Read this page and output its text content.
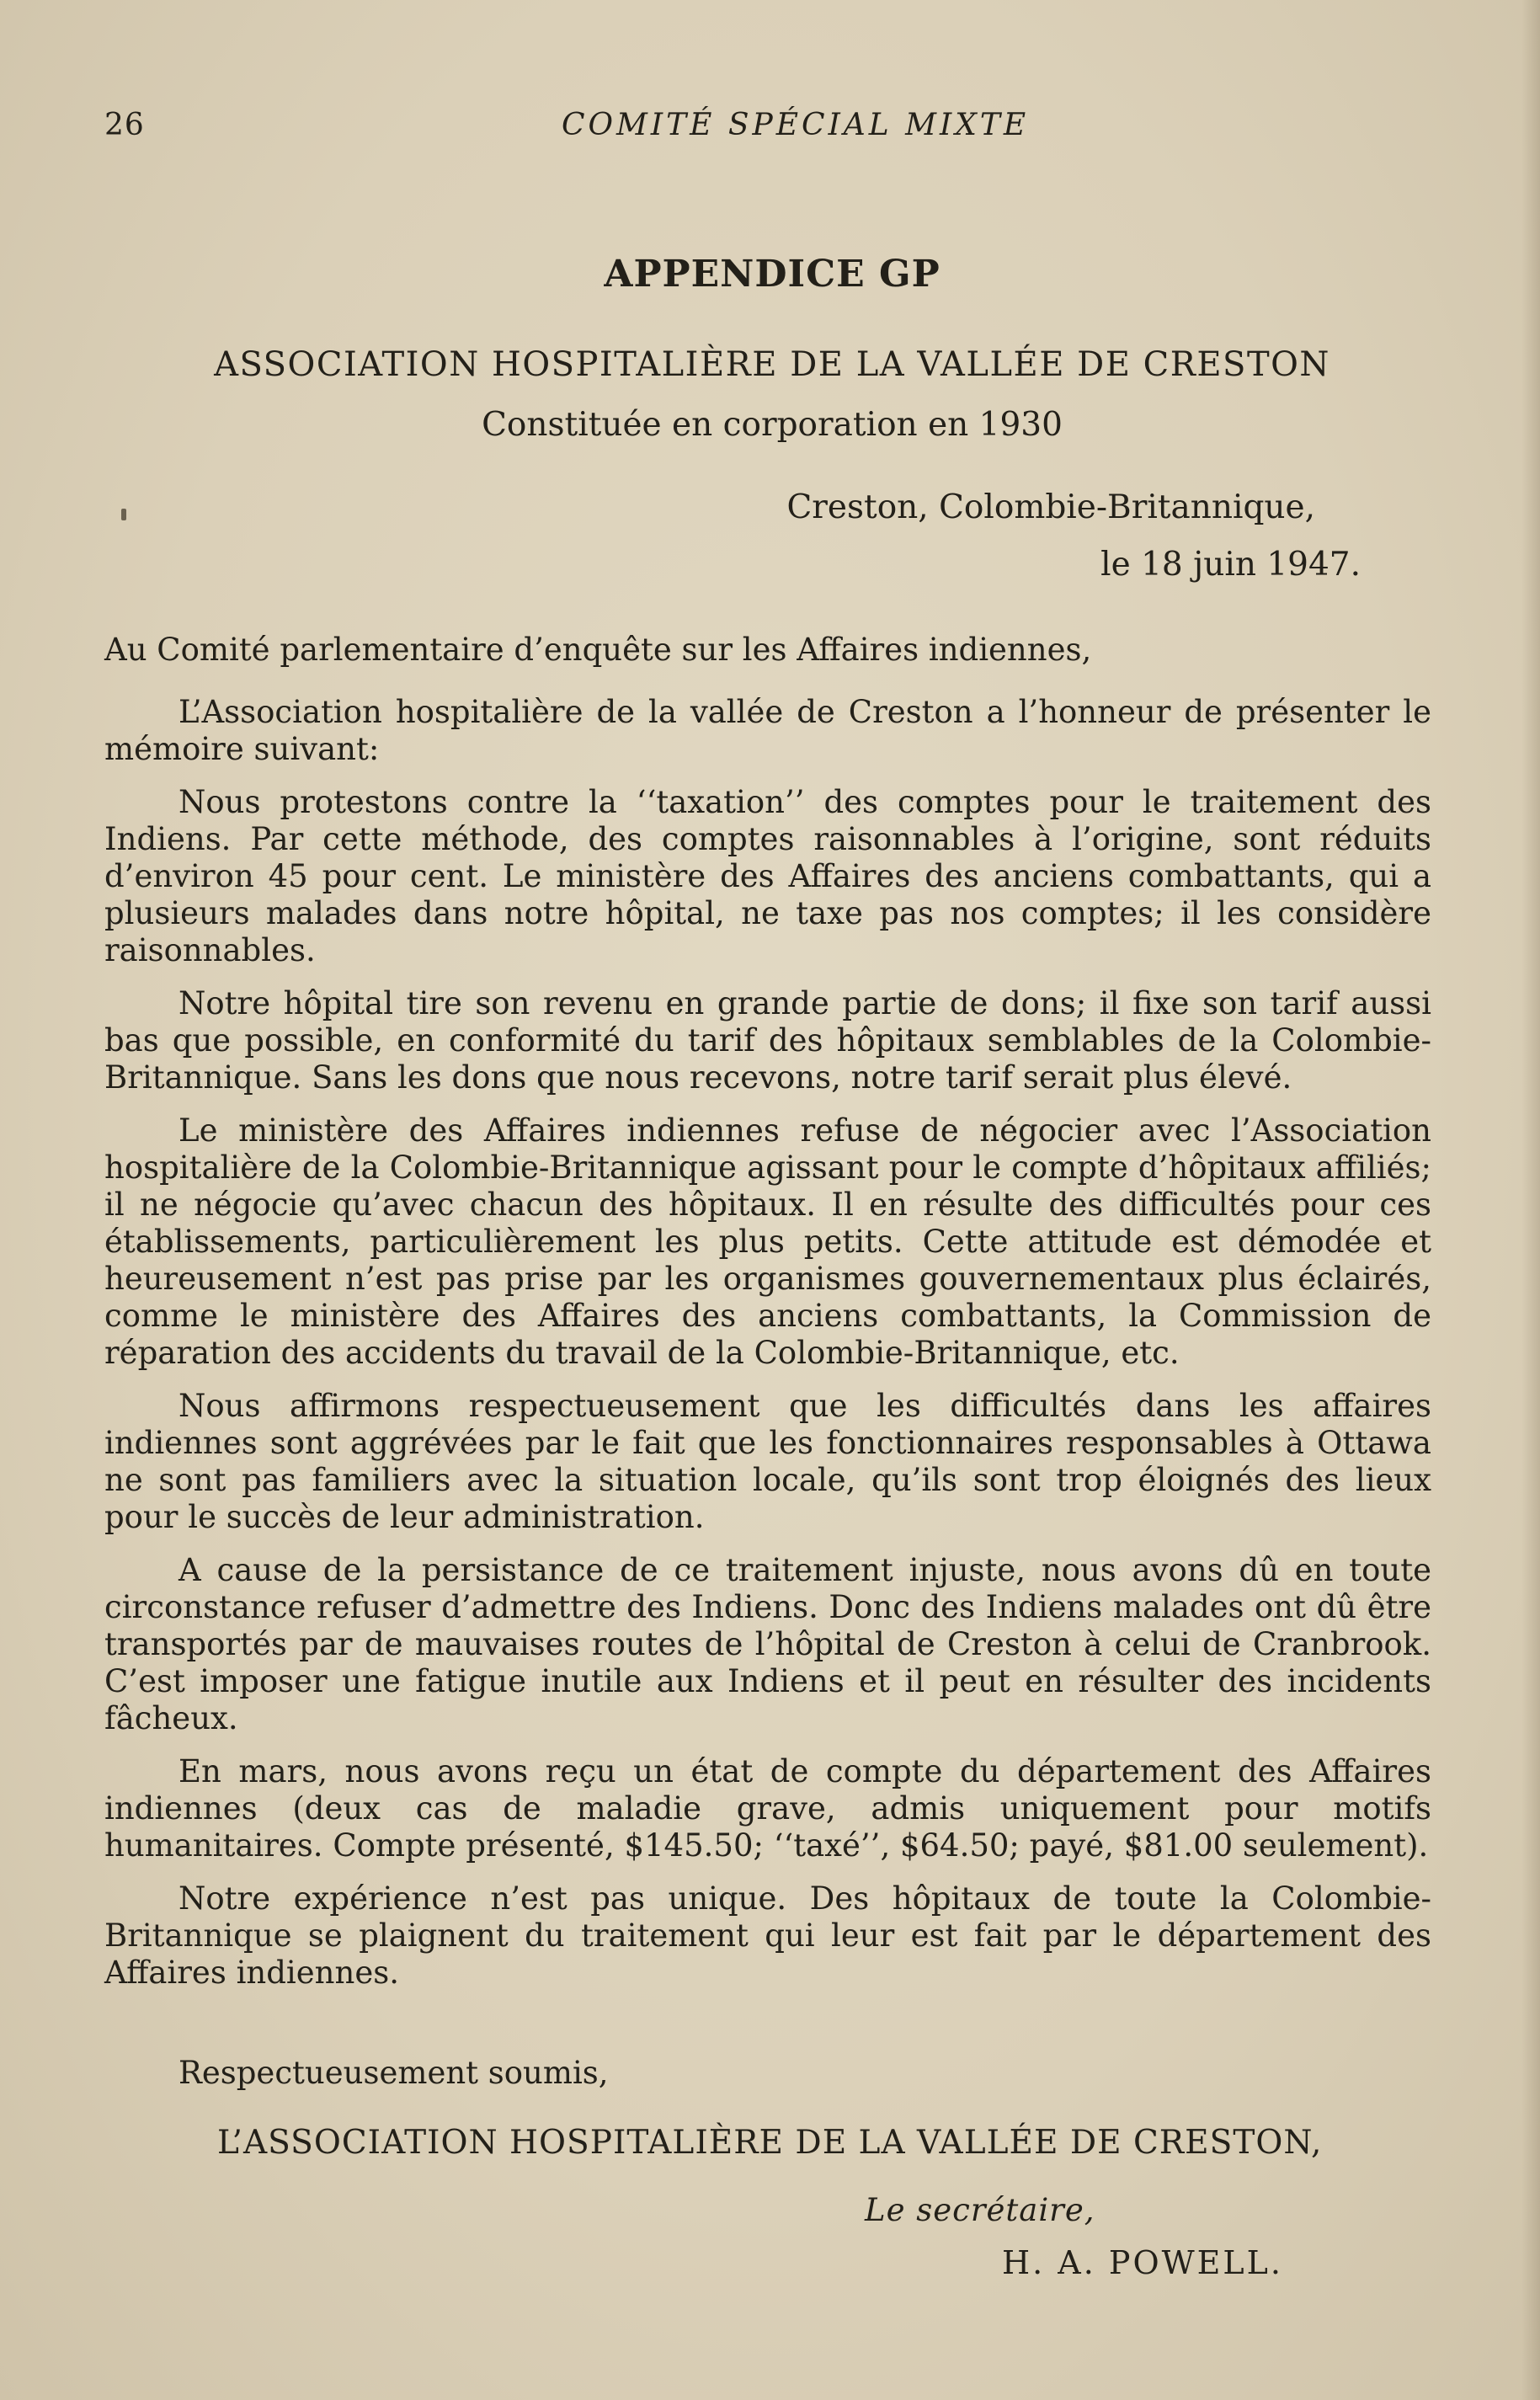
26	COMITÉ SPÉCIAL MIXTE
APPENDICE GP
ASSOCIATION HOSPITALIÈRE DE LA VALLÉE DE CRESTON
Constituée en corporation en 1930
Creston, Colombie-Britannique,
le 18 juin 1947.

Au Comité parlementaire d’enquête sur les Affaires indiennes,

L’Association hospitalière de la vallée de Creston a l’honneur de présenter le mémoire suivant:

Nous protestons contre la ‘‘taxation’’ des comptes pour le traitement des Indiens. Par cette méthode, des comptes raisonnables à l’origine, sont réduits d’environ 45 pour cent. Le ministère des Affaires des anciens combattants, qui a plusieurs malades dans notre hôpital, ne taxe pas nos comptes; il les considère raisonnables.

Notre hôpital tire son revenu en grande partie de dons; il fixe son tarif aussi bas que possible, en conformité du tarif des hôpitaux semblables de la Colombie-Britannique. Sans les dons que nous recevons, notre tarif serait plus élevé.

Le ministère des Affaires indiennes refuse de négocier avec l’Association hospitalière de la Colombie-Britannique agissant pour le compte d’hôpitaux affiliés; il ne négocie qu’avec chacun des hôpitaux. Il en résulte des difficultés pour ces établissements, particulièrement les plus petits. Cette attitude est démodée et heureusement n’est pas prise par les organismes gouvernementaux plus éclairés, comme le ministère des Affaires des anciens combattants, la Commission de réparation des accidents du travail de la Colombie-Britannique, etc.

Nous affirmons respectueusement que les difficultés dans les affaires indiennes sont aggrévées par le fait que les fonctionnaires responsables à Ottawa ne sont pas familiers avec la situation locale, qu’ils sont trop éloignés des lieux pour le succès de leur administration.

A cause de la persistance de ce traitement injuste, nous avons dû en toute circonstance refuser d’admettre des Indiens. Donc des Indiens malades ont dû être transportés par de mauvaises routes de l’hôpital de Creston à celui de Cranbrook. C’est imposer une fatigue inutile aux Indiens et il peut en résulter des incidents fâcheux.

En mars, nous avons reçu un état de compte du département des Affaires indiennes (deux cas de maladie grave, admis uniquement pour motifs humanitaires. Compte présenté, $145.50; ‘‘taxé’’, $64.50; payé, $81.00 seulement).

Notre expérience n’est pas unique. Des hôpitaux de toute la Colombie-Britannique se plaignent du traitement qui leur est fait par le département des Affaires indiennes.

Respectueusement soumis,
L’ASSOCIATION HOSPITALIÈRE DE LA VALLÉE DE CRESTON,
Le secrétaire,
H. A. POWELL.
